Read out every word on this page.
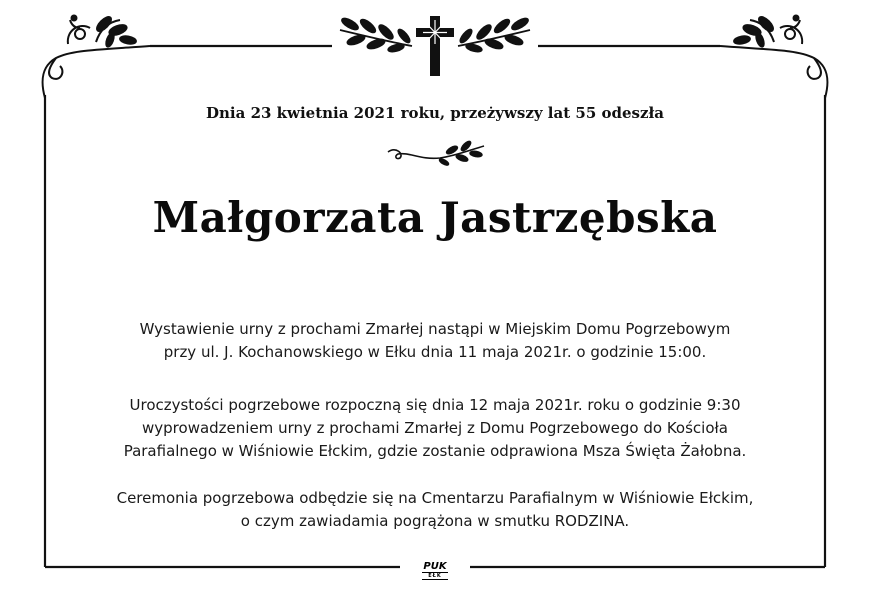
Dnia 23 kwietnia 2021 roku, przeżywszy lat 55 odeszła
Małgorzata Jastrzębska
Wystawienie urny z prochami Zmarłej nastąpi w Miejskim Domu Pogrzebowym
przy ul. J. Kochanowskiego w Ełku dnia 11 maja 2021r. o godzinie 15:00.
Uroczystości pogrzebowe rozpoczną się dnia 12 maja 2021r. roku o godzinie 9:30
wyprowadzeniem urny z prochami Zmarłej z Domu Pogrzebowego do Kościoła
Parafialnego w Wiśniowie Ełckim, gdzie zostanie odprawiona Msza Święta Żałobna.
Ceremonia pogrzebowa odbędzie się na Cmentarzu Parafialnym w Wiśniowie Ełckim,
o czym zawiadamia pogrążona w smutku RODZINA.
PUK
EŁK
